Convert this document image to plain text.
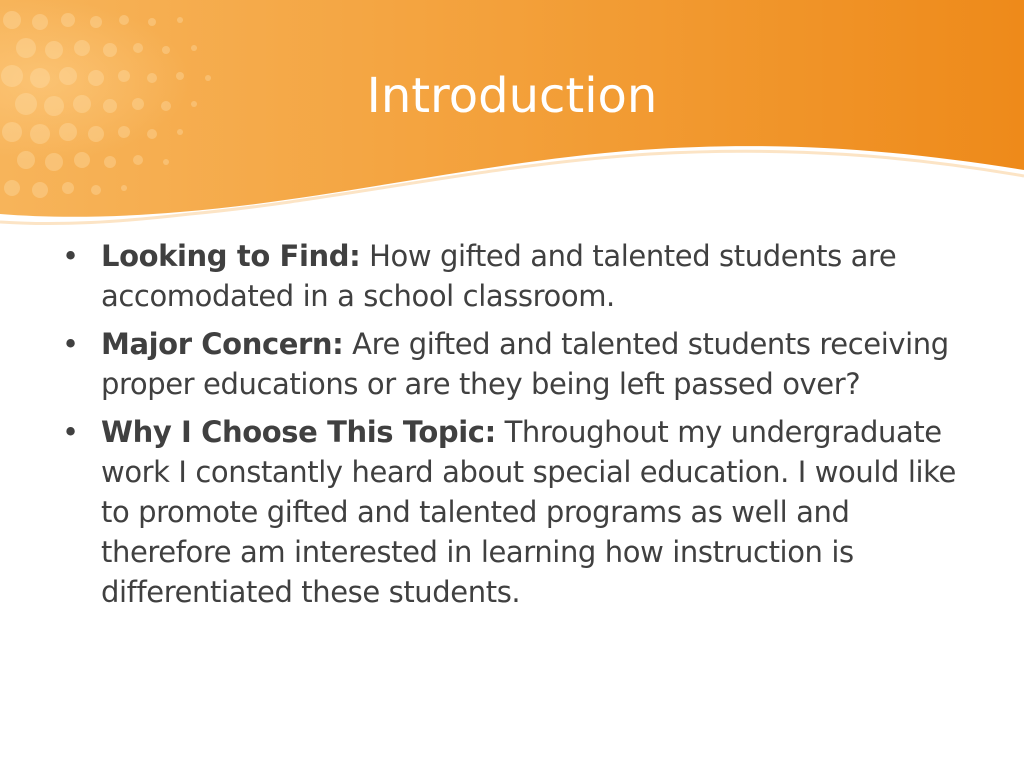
Introduction
• Looking to Find: How gifted and talented students are accomodated in a school classroom.
• Major Concern: Are gifted and talented students receiving proper educations or are they being left passed over?
• Why I Choose This Topic: Throughout my undergraduate work I constantly heard about special education. I would like to promote gifted and talented programs as well and therefore am interested in learning how instruction is differentiated these students.
